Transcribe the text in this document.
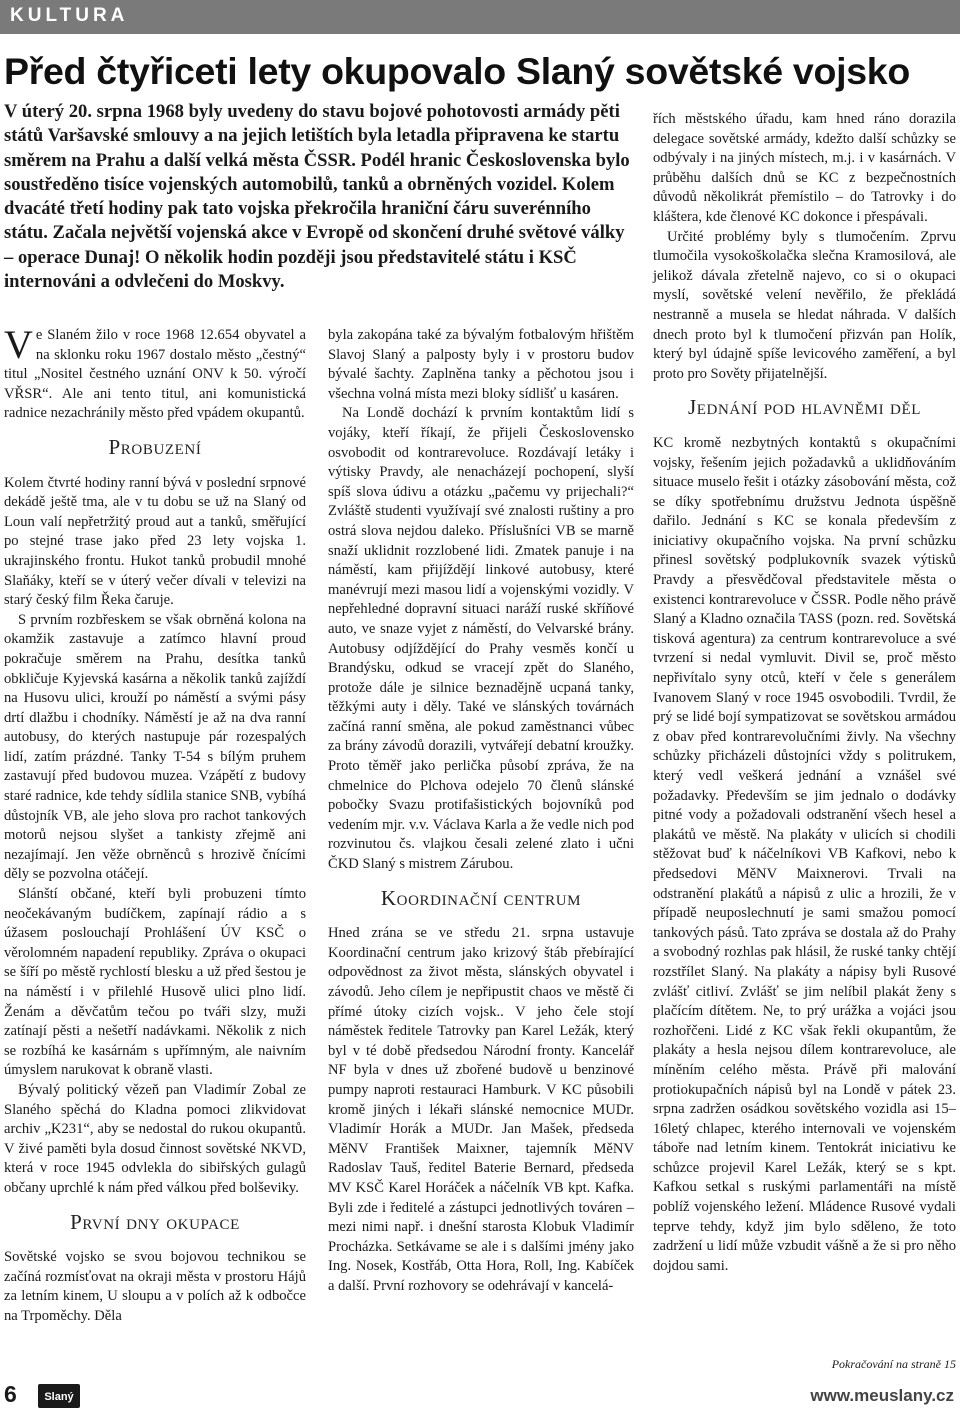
KULTURA
Před čtyřiceti lety okupovalo Slaný sovětské vojsko
V úterý 20. srpna 1968 byly uvedeny do stavu bojové pohotovosti armády pěti států Varšavské smlouvy a na jejich letištích byla letadla připravena ke startu směrem na Prahu a další velká města ČSSR. Podél hranic Československa bylo soustředěno tisíce vojenských automobilů, tanků a obrněných vozidel. Kolem dvacáté třetí hodiny pak tato vojska překročila hraniční čáru suverénního státu. Začala největší vojenská akce v Evropě od skončení druhé světové války – operace Dunaj! O několik hodin později jsou představitelé státu i KSČ internováni a odvlečeni do Moskvy.

Ve Slaném žilo v roce 1968 12.654 obyvatel a na sklonku roku 1967 dostalo město „čestný“ titul „Nositel čestného uznání ONV k 50. výročí VŘSR“. Ale ani tento titul, ani komunistická radnice nezachránily město před vpádem okupantů.

Probuzení

Kolem čtvrté hodiny ranní bývá v poslední srpnové dekádě ještě tma, ale v tu dobu se už na Slaný od Loun valí nepřetržitý proud aut a tanků, směřující po stejné trase jako před 23 lety vojska 1. ukrajinského frontu. Hukot tanků probudil mnohé Slaňáky, kteří se v úterý večer dívali v televizi na starý český film Řeka čaruje.

S prvním rozbřeskem se však obrněná kolona na okamžik zastavuje a zatímco hlavní proud pokračuje směrem na Prahu, desítka tanků obkličuje Kyjevská kasárna a několik tanků zajíždí na Husovu ulici, krouží po náměstí a svými pásy drtí dlažbu i chodníky. Náměstí je až na dva ranní autobusy, do kterých nastupuje pár rozespalých lidí, zatím prázdné. Tanky T-54 s bílým pruhem zastavují před budovou muzea. Vzápětí z budovy staré radnice, kde tehdy sídlila stanice SNB, vybíhá důstojník VB, ale jeho slova pro rachot tankových motorů nejsou slyšet a tankisty zřejmě ani nezajímají. Jen věže obrněnců s hrozivě čnícími děly se pozvolna otáčejí.

Slánští občané, kteří byli probuzeni tímto neočekávaným budíčkem, zapínají rádio a s úžasem poslouchají Prohlášení ÚV KSČ o věrolomném napadení republiky. Zpráva o okupaci se šíří po městě rychlostí blesku a už před šestou je na náměstí i v přilehlé Husově ulici plno lidí. Ženám a děvčatům tečou po tváři slzy, muži zatínají pěsti a nešetří nadávkami. Několik z nich se rozbíhá ke kasárnám s upřímným, ale naivním úmyslem narukovat k obraně vlasti.

Bývalý politický vězeň pan Vladimír Zobal ze Slaného spěchá do Kladna pomoci zlikvidovat archiv „K231“, aby se nedostal do rukou okupantů. V živé paměti byla dosud činnost sovětské NKVD, která v roce 1945 odvlekla do sibiřských gulagů občany uprchlé k nám před válkou před bolševiky.

První dny okupace

Sovětské vojsko se svou bojovou technikou se začíná rozmísťovat na okraji města v prostoru Hájů za letním kinem, U sloupu a v polích až k odbočce na Trpoměchy. Děla

byla zakopána také za bývalým fotbalovým hřištěm Slavoj Slaný a palposty byly i v prostoru budov bývalé šachty. Zaplněna tanky a pěchotou jsou i všechna volná místa mezi bloky sídlišť u kasáren.

Na Londě dochází k prvním kontaktům lidí s vojáky, kteří říkají, že přijeli Československo osvobodit od kontrarevoluce. Rozdávají letáky i výtisky Pravdy, ale nenacházejí pochopení, slyší spíš slova údivu a otázku „pačemu vy prijechali?“ Zvláště studenti využívají své znalosti ruštiny a pro ostrá slova nejdou daleko. Příslušníci VB se marně snaží uklidnit rozzlobené lidi. Zmatek panuje i na náměstí, kam přijíždějí linkové autobusy, které manévrují mezi masou lidí a vojenskými vozidly. V nepřehledné dopravní situaci naráží ruské skříňové auto, ve snaze vyjet z náměstí, do Velvarské brány. Autobusy odjíždějící do Prahy vesměs končí u Brandýsku, odkud se vracejí zpět do Slaného, protože dále je silnice beznadějně ucpaná tanky, těžkými auty i děly. Také ve slánských továrnách začíná ranní směna, ale pokud zaměstnanci vůbec za brány závodů dorazili, vytvářejí debatní kroužky. Proto těměř jako perlička působí zpráva, že na chmelnice do Plchova odejelo 70 členů slánské pobočky Svazu protifašistických bojovníků pod vedením mjr. v.v. Václava Karla a že vedle nich pod rozvinutou čs. vlajkou česali zelené zlato i učni ČKD Slaný s mistrem Zárubou.

Koordinační centrum

Hned zrána se ve středu 21. srpna ustavuje Koordinační centrum jako krizový štáb přebírající odpovědnost za život města, slánských obyvatel i závodů. Jeho cílem je nepřipustit chaos ve městě či přímé útoky cizích vojsk.. V jeho čele stojí náměstek ředitele Tatrovky pan Karel Ležák, který byl v té době předsedou Národní fronty. Kancelář NF byla v dnes už zbořené budově u benzinové pumpy naproti restauraci Hamburk. V KC působili kromě jiných i lékaři slánské nemocnice MUDr. Vladimír Horák a MUDr. Jan Mašek, předseda MěNV František Maixner, tajemník MěNV Radoslav Tauš, ředitel Baterie Bernard, předseda MV KSČ Karel Horáček a náčelník VB kpt. Kafka. Byli zde i ředitelé a zástupci jednotlivých továren – mezi nimi např. i dnešní starosta Klobuk Vladimír Procházka. Setkávame se ale i s dalšími jmény jako Ing. Nosek, Kostřáb, Otta Hora, Roll, Ing. Kabíček a další. První rozhovory se odehrávají v kancelá-

řích městského úřadu, kam hned ráno dorazila delegace sovětské armády, kdežto další schůzky se odbývaly i na jiných místech, m.j. i v kasárnách. V průběhu dalších dnů se KC z bezpečnostních důvodů několikrát přemístilo – do Tatrovky i do kláštera, kde členové KC dokonce i přespávali.

Určité problémy byly s tlumočením. Zprvu tlumočila vysokoškolačka slečna Kramosilová, ale jelikož dávala zřetelně najevo, co si o okupaci myslí, sovětské velení nevěřilo, že překládá nestranně a musela se hledat náhrada. V dalších dnech proto byl k tlumočení přizván pan Holík, který byl údajně spíše levicového zaměření, a byl proto pro Sověty přijatelnější.

Jednání pod hlavněmi děl

KC kromě nezbytných kontaktů s okupačními vojsky, řešením jejich požadavků a uklidňováním situace muselo řešit i otázky zásobování města, což se díky spotřebnímu družstvu Jednota úspěšně dařilo. Jednání s KC se konala především z iniciativy okupačního vojska. Na první schůzku přinesl sovětský podplukovník svazek výtisků Pravdy a přesvědčoval představitele města o existenci kontrarevoluce v ČSSR. Podle něho právě Slaný a Kladno označila TASS (pozn. red. Sovětská tisková agentura) za centrum kontrarevoluce a své tvrzení si nedal vymluvit. Divil se, proč město nepřivítalo syny otců, kteří v čele s generálem Ivanovem Slaný v roce 1945 osvobodili. Tvrdil, že prý se lidé bojí sympatizovat se sovětskou armádou z obav před kontrarevolučními živly. Na všechny schůzky přicházeli důstojníci vždy s politrukem, který vedl veškerá jednání a vznášel své požadavky. Především se jim jednalo o dodávky pitné vody a požadovali odstranění všech hesel a plakátů ve městě. Na plakáty v ulicích si chodili stěžovat buď k náčelníkovi VB Kafkovi, nebo k předsedovi MěNV Maixnerovi. Trvali na odstranění plakátů a nápisů z ulic a hrozili, že v případě neuposlechnutí je sami smažou pomocí tankových pásů. Tato zpráva se dostala až do Prahy a svobodný rozhlas pak hlásil, že ruské tanky chtějí rozstřílet Slaný. Na plakáty a nápisy byli Rusové zvlášť citliví. Zvlášť se jim nelíbil plakát ženy s plačícím dítětem. Ne, to prý urážka a vojáci jsou rozhořčeni. Lidé z KC však řekli okupantům, že plakáty a hesla nejsou dílem kontrarevoluce, ale míněním celého města. Právě při malování protiokupačních nápisů byl na Londě v pátek 23. srpna zadržen osádkou sovětského vozidla asi 15–16letý chlapec, kterého internovali ve vojenském táboře nad letním kinem. Tentokrát iniciativu ke schůzce projevil Karel Ležák, který se s kpt. Kafkou setkal s ruskými parlamentáři na místě poblíž vojenského ležení. Mládence Rusové vydali teprve tehdy, když jim bylo sděleno, že toto zadržení u lidí může vzbudit vášně a že si pro něho dojdou sami.

Pokračování na straně 15
6	Slaný	www.meuslany.cz
